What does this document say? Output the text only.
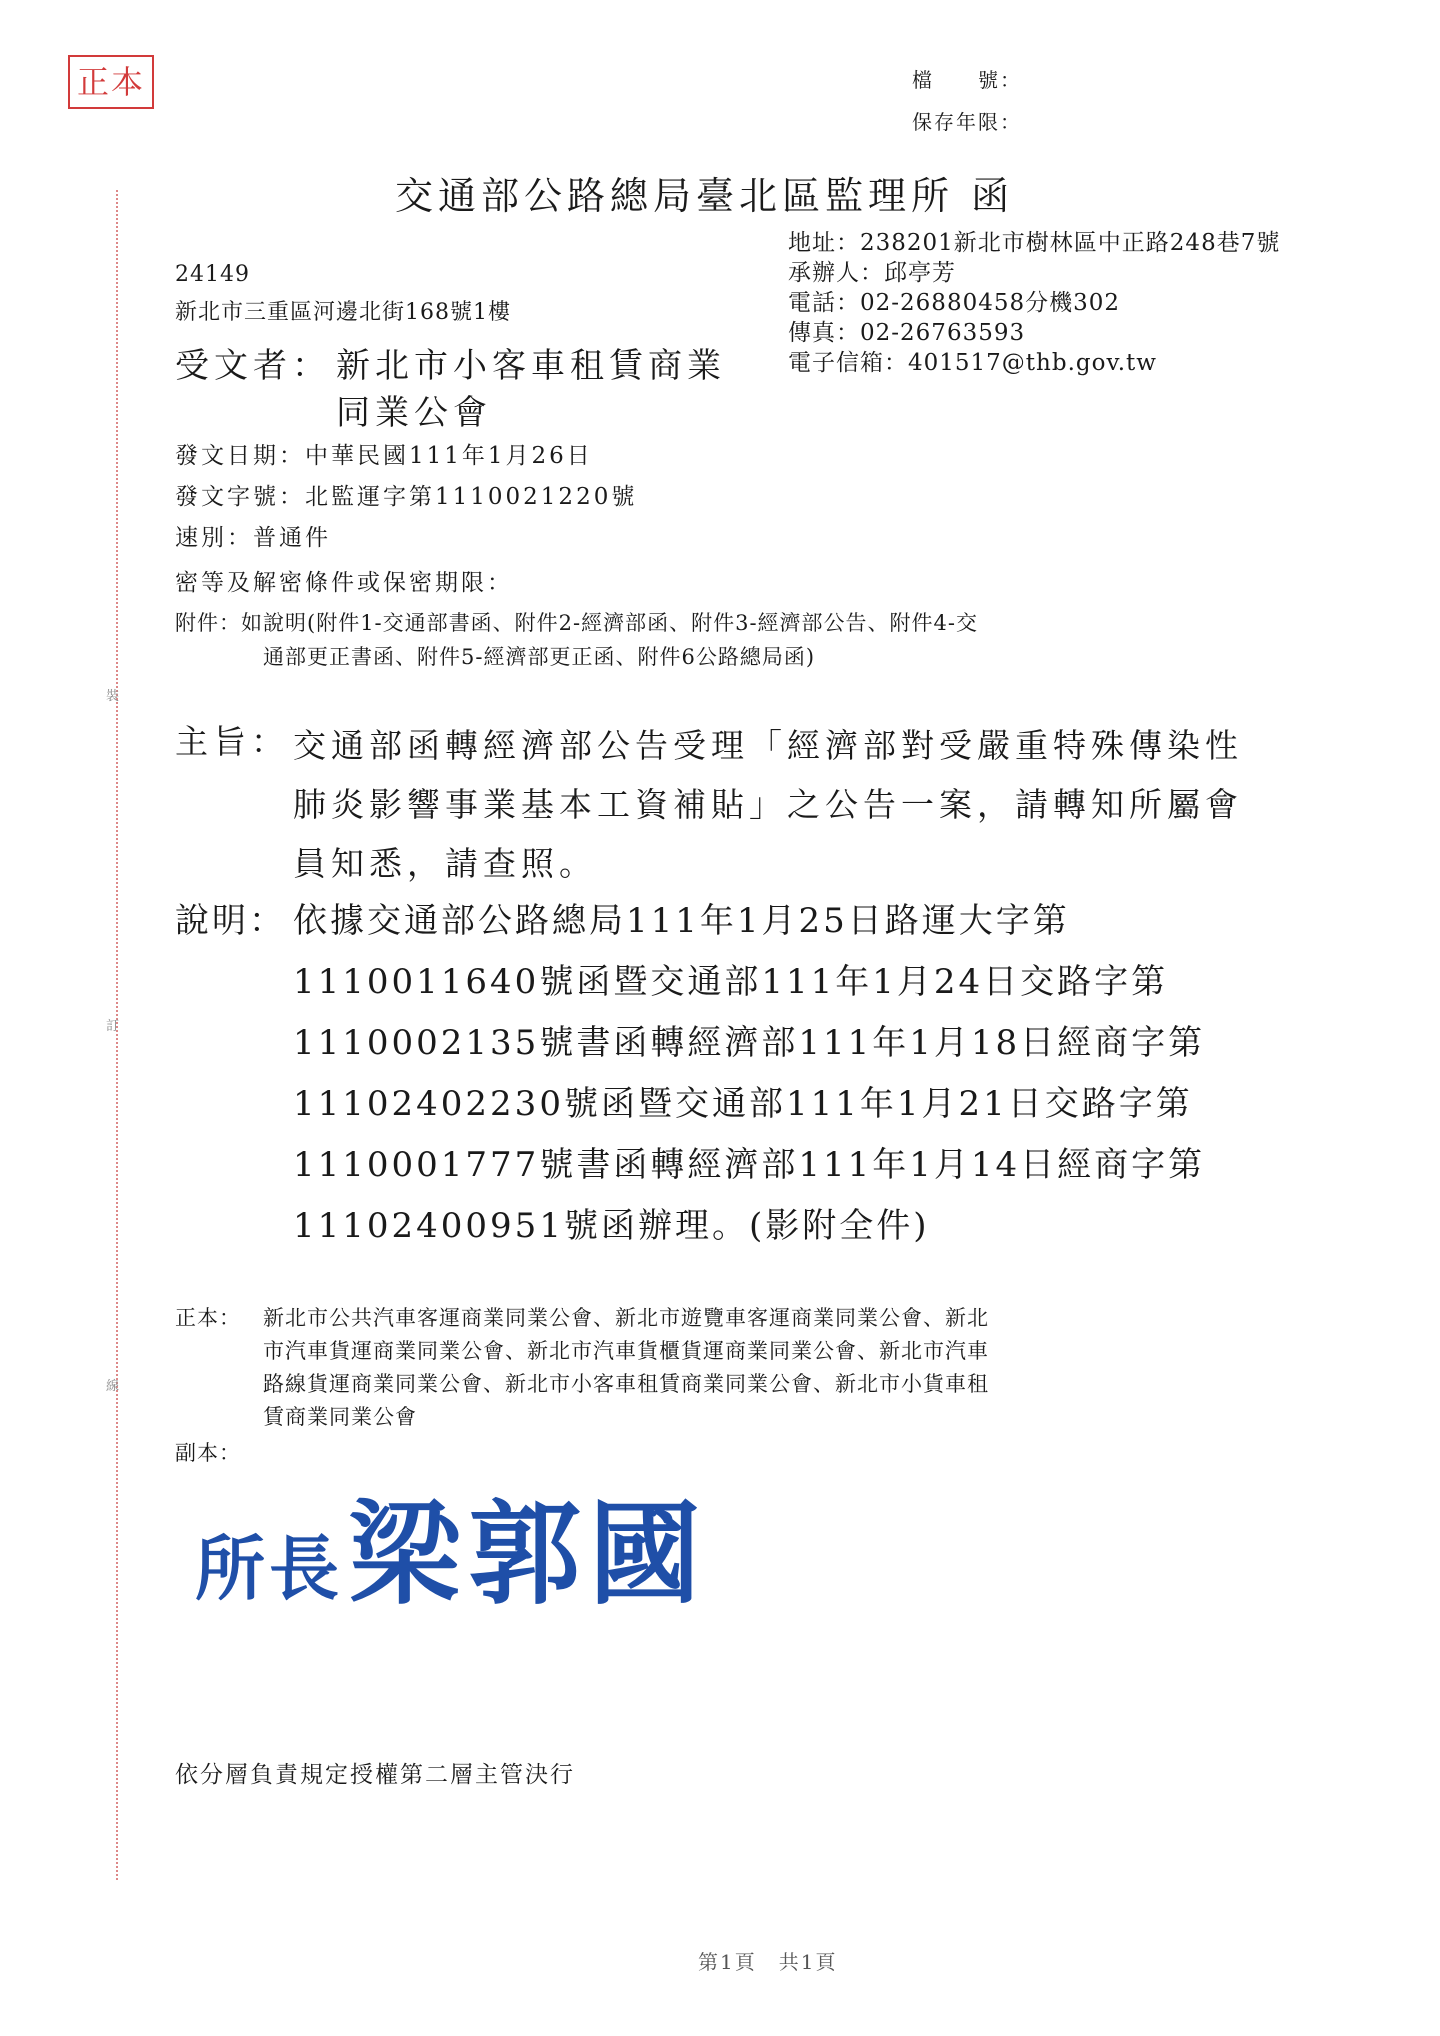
正本	檔　　號：
保存年限：
交通部公路總局臺北區監理所 函
裝
訂
線
地址：238201新北市樹林區中正路248巷7號
承辦人：邱亭芳
電話：02-26880458分機302
傳真：02-26763593
電子信箱：401517@thb.gov.tw
24149
新北市三重區河邊北街168號1樓
受文者： 新北市小客車租賃商業
同業公會
發文日期：中華民國111年1月26日
發文字號：北監運字第1110021220號
速別：普通件
密等及解密條件或保密期限：
附件：如說明(附件1-交通部書函、附件2-經濟部函、附件3-經濟部公告、附件4-交
通部更正書函、附件5-經濟部更正函、附件6公路總局函)
主旨： 交通部函轉經濟部公告受理「經濟部對受嚴重特殊傳染性
肺炎影響事業基本工資補貼」之公告一案，請轉知所屬會
員知悉，請查照。
說明： 依據交通部公路總局111年1月25日路運大字第
1110011640號函暨交通部111年1月24日交路字第
1110002135號書函轉經濟部111年1月18日經商字第
11102402230號函暨交通部111年1月21日交路字第
1110001777號書函轉經濟部111年1月14日經商字第
11102400951號函辦理。(影附全件)
正本： 新北市公共汽車客運商業同業公會、新北市遊覽車客運商業同業公會、新北
市汽車貨運商業同業公會、新北市汽車貨櫃貨運商業同業公會、新北市汽車
路線貨運商業同業公會、新北市小客車租賃商業同業公會、新北市小貨車租
賃商業同業公會
副本：
所長 梁郭國
依分層負責規定授權第二層主管決行
第1頁　共1頁
